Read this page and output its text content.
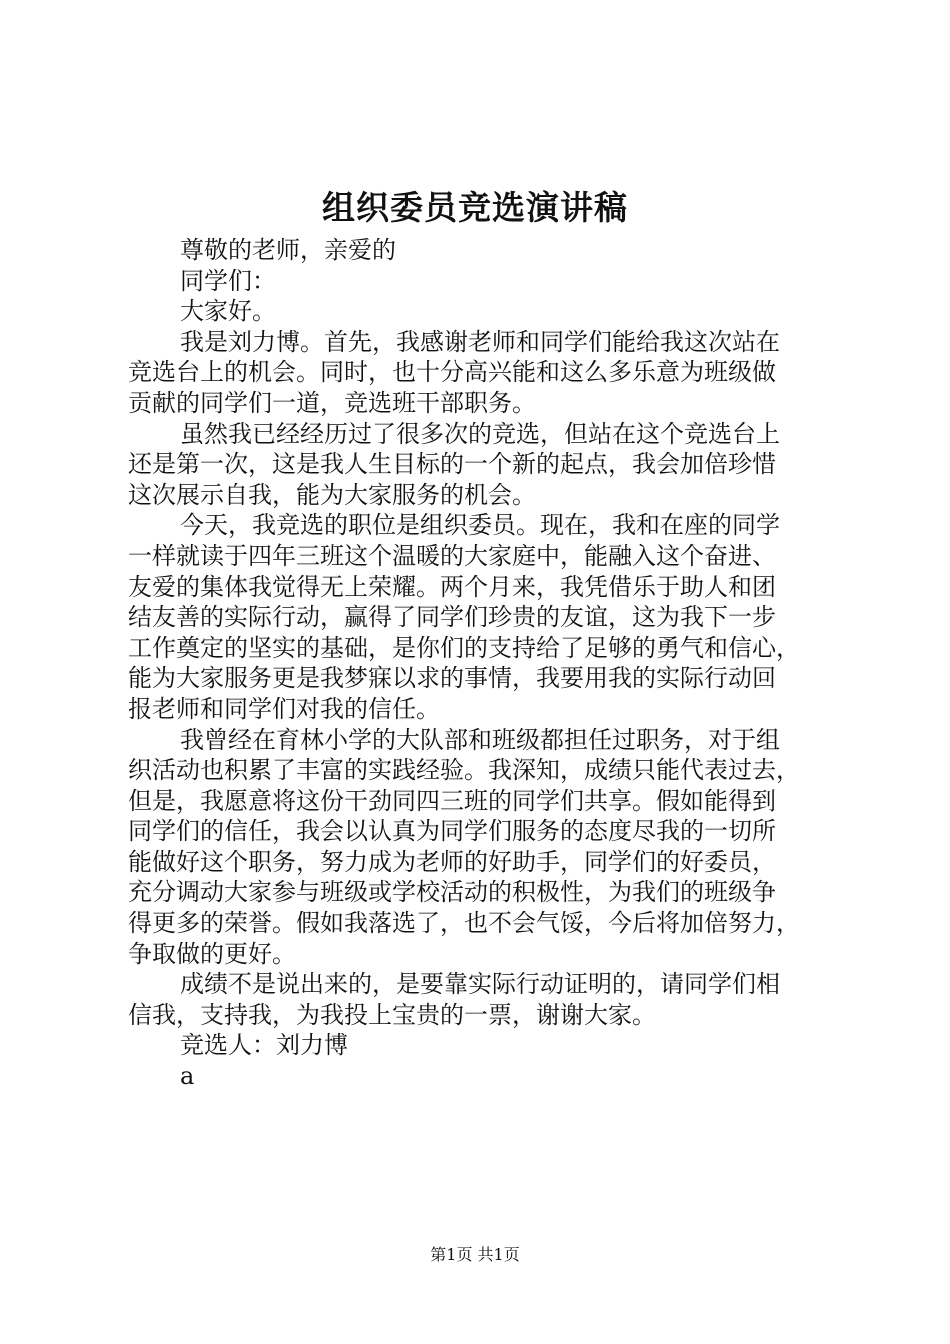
组织委员竞选演讲稿

尊敬的老师，亲爱的

同学们：

大家好。

我是刘力博。首先，我感谢老师和同学们能给我这次站在

竞选台上的机会。同时，也十分高兴能和这么多乐意为班级做

贡献的同学们一道，竞选班干部职务。

虽然我已经经历过了很多次的竞选，但站在这个竞选台上

还是第一次，这是我人生目标的一个新的起点，我会加倍珍惜

这次展示自我，能为大家服务的机会。

今天，我竞选的职位是组织委员。现在，我和在座的同学

一样就读于四年三班这个温暖的大家庭中，能融入这个奋进、

友爱的集体我觉得无上荣耀。两个月来，我凭借乐于助人和团

结友善的实际行动，赢得了同学们珍贵的友谊，这为我下一步

工作奠定的坚实的基础，是你们的支持给了足够的勇气和信心，

能为大家服务更是我梦寐以求的事情，我要用我的实际行动回

报老师和同学们对我的信任。

我曾经在育林小学的大队部和班级都担任过职务，对于组

织活动也积累了丰富的实践经验。我深知，成绩只能代表过去，

但是，我愿意将这份干劲同四三班的同学们共享。假如能得到

同学们的信任，我会以认真为同学们服务的态度尽我的一切所

能做好这个职务，努力成为老师的好助手，同学们的好委员，

充分调动大家参与班级或学校活动的积极性，为我们的班级争

得更多的荣誉。假如我落选了，也不会气馁，今后将加倍努力，

争取做的更好。

成绩不是说出来的，是要靠实际行动证明的，请同学们相

信我，支持我，为我投上宝贵的一票，谢谢大家。

竞选人：刘力博

a

第1页 共1页
